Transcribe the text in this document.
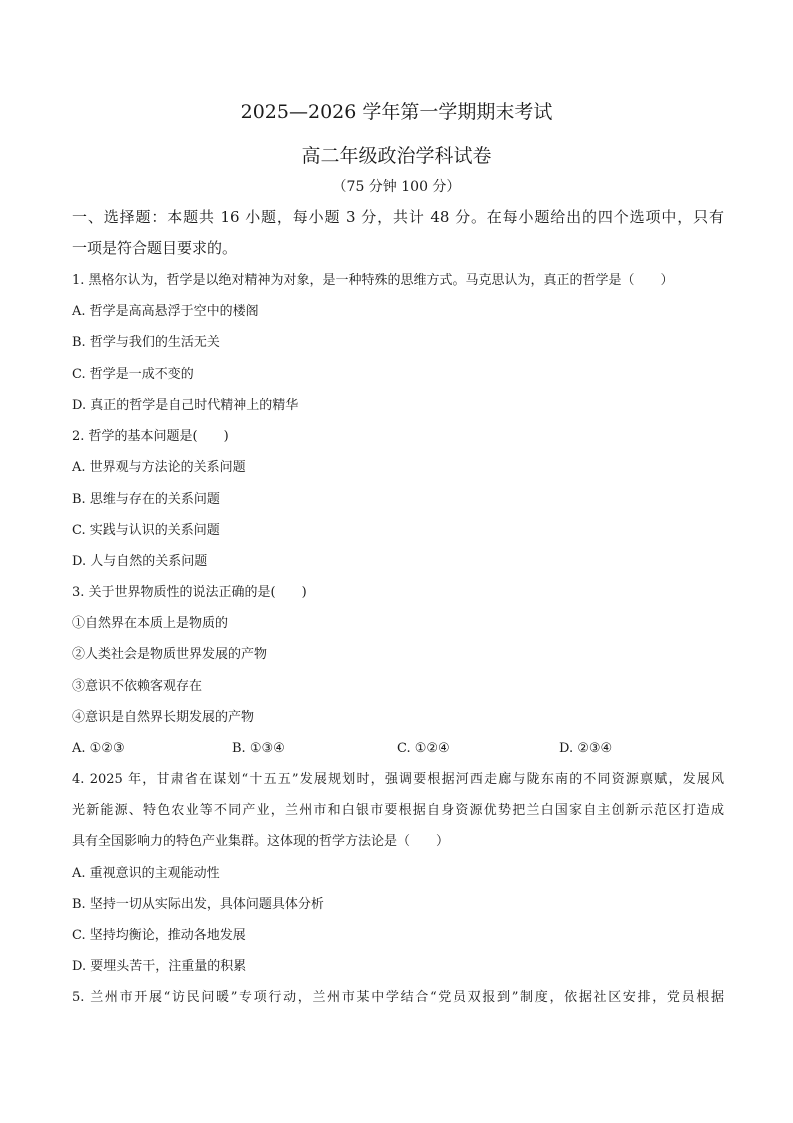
2025—2026 学年第一学期期末考试
高二年级政治学科试卷
（75 分钟 100 分）
一、选择题：本题共 16 小题，每小题 3 分，共计 48 分。在每小题给出的四个选项中，只有
一项是符合题目要求的。
1. 黑格尔认为，哲学是以绝对精神为对象，是一种特殊的思维方式。马克思认为，真正的哲学是（　　）
A. 哲学是高高悬浮于空中的楼阁
B. 哲学与我们的生活无关
C. 哲学是一成不变的
D. 真正的哲学是自己时代精神上的精华
2. 哲学的基本问题是(　　)
A. 世界观与方法论的关系问题
B. 思维与存在的关系问题
C. 实践与认识的关系问题
D. 人与自然的关系问题
3. 关于世界物质性的说法正确的是(　　)
①自然界在本质上是物质的
②人类社会是物质世界发展的产物
③意识不依赖客观存在
④意识是自然界长期发展的产物
A. ①②③	B. ①③④	C. ①②④	D. ②③④
4. 2025 年，甘肃省在谋划“十五五”发展规划时，强调要根据河西走廊与陇东南的不同资源禀赋，发展风
光新能源、特色农业等不同产业，兰州市和白银市要根据自身资源优势把兰白国家自主创新示范区打造成
具有全国影响力的特色产业集群。这体现的哲学方法论是（　　）
A. 重视意识的主观能动性
B. 坚持一切从实际出发，具体问题具体分析
C. 坚持均衡论，推动各地发展
D. 要埋头苦干，注重量的积累
5. 兰州市开展“访民问暖”专项行动，兰州市某中学结合“党员双报到”制度，依据社区安排，党员根据
